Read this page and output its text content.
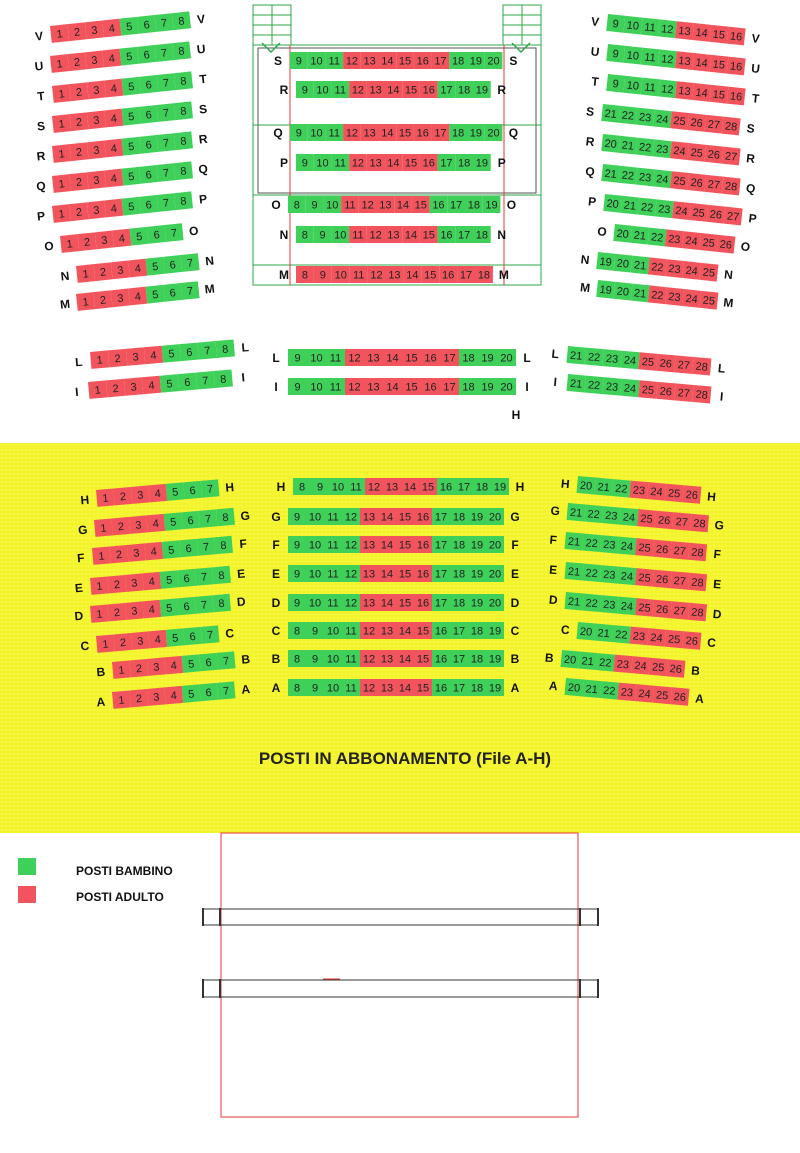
1 2 3 4 5 6 7 8
V
V
1 2 3 4 5 6 7 8
U
U
1 2 3 4 5 6 7 8
T
T
1 2 3 4 5 6 7 8
S
S
1 2 3 4 5 6 7 8
R
R
1 2 3 4 5 6 7 8
Q
Q
1 2 3 4 5 6 7 8
P
P
1 2 3 4 5 6 7
O
O
1 2 3 4 5 6 7
N
N
1 2 3 4 5 6 7
M
M
9 10 11 12 13 14 15 16 17 18 19 20
S	S
9 10 11 12 13 14 15 16 17 18 19
R	R
9 10 11 12 13 14 15 16 17 18 19 20
Q	Q
9 10 11 12 13 14 15 16 17 18 19
P	P
8 9 10 11 12 13 14 15 16 17 18 19
O	O
8 9 10 11 12 13 14 15 16 17 18
N	N
8 9 10 11 12 13 14 15 16 17 18
M	M
9 10 11 12 13 14 15 16
V
V
9 10 11 12 13 14 15 16
U
U
9 10 11 12 13 14 15 16
T
T
21 22 23 24 25 26 27 28
S
S
20 21 22 23 24 25 26 27
R
R
21 22 23 24 25 26 27 28
Q
Q
20 21 22 23 24 25 26 27
P
P
20 21 22 23 24 25 26
O
O
19 20 21 22 23 24 25
N
N
19 20 21 22 23 24 25
M
M
1 2 3 4 5 6 7 8
L
L
1 2 3 4 5 6 7 8
I
I
9 10 11 12 13 14 15 16 17 18 19 20
L	L
9 10 11 12 13 14 15 16 17 18 19 20
I	I
21 22 23 24 25 26 27 28
L
L
21 22 23 24 25 26 27 28
I
I
1 2 3 4 5 6 7
H
H
1 2 3 4 5 6 7 8
G
G
1 2 3 4 5 6 7 8
F
F
1 2 3 4 5 6 7 8
E
E
1 2 3 4 5 6 7 8
D
D
1 2 3 4 5 6 7
C
C
1 2 3 4 5 6 7
B
B
1 2 3 4 5 6 7
A
A
8 9 10 11 12 13 14 15 16 17 18 19
H	H
9 10 11 12 13 14 15 16 17 18 19 20
G	G
9 10 11 12 13 14 15 16 17 18 19 20
F	F
9 10 11 12 13 14 15 16 17 18 19 20
E	E
9 10 11 12 13 14 15 16 17 18 19 20
D	D
8 9 10 11 12 13 14 15 16 17 18 19
C	C
8 9 10 11 12 13 14 15 16 17 18 19
B	B
8 9 10 11 12 13 14 15 16 17 18 19
A	A
20 21 22 23 24 25 26
H
H
21 22 23 24 25 26 27 28
G
G
21 22 23 24 25 26 27 28
F
F
21 22 23 24 25 26 27 28
E
E
21 22 23 24 25 26 27 28
D
D
20 21 22 23 24 25 26
C
C
20 21 22 23 24 25 26
B
B
20 21 22 23 24 25 26
A
A
H
POSTI IN ABBONAMENTO (File A-H)
POSTI BAMBINO
POSTI ADULTO
